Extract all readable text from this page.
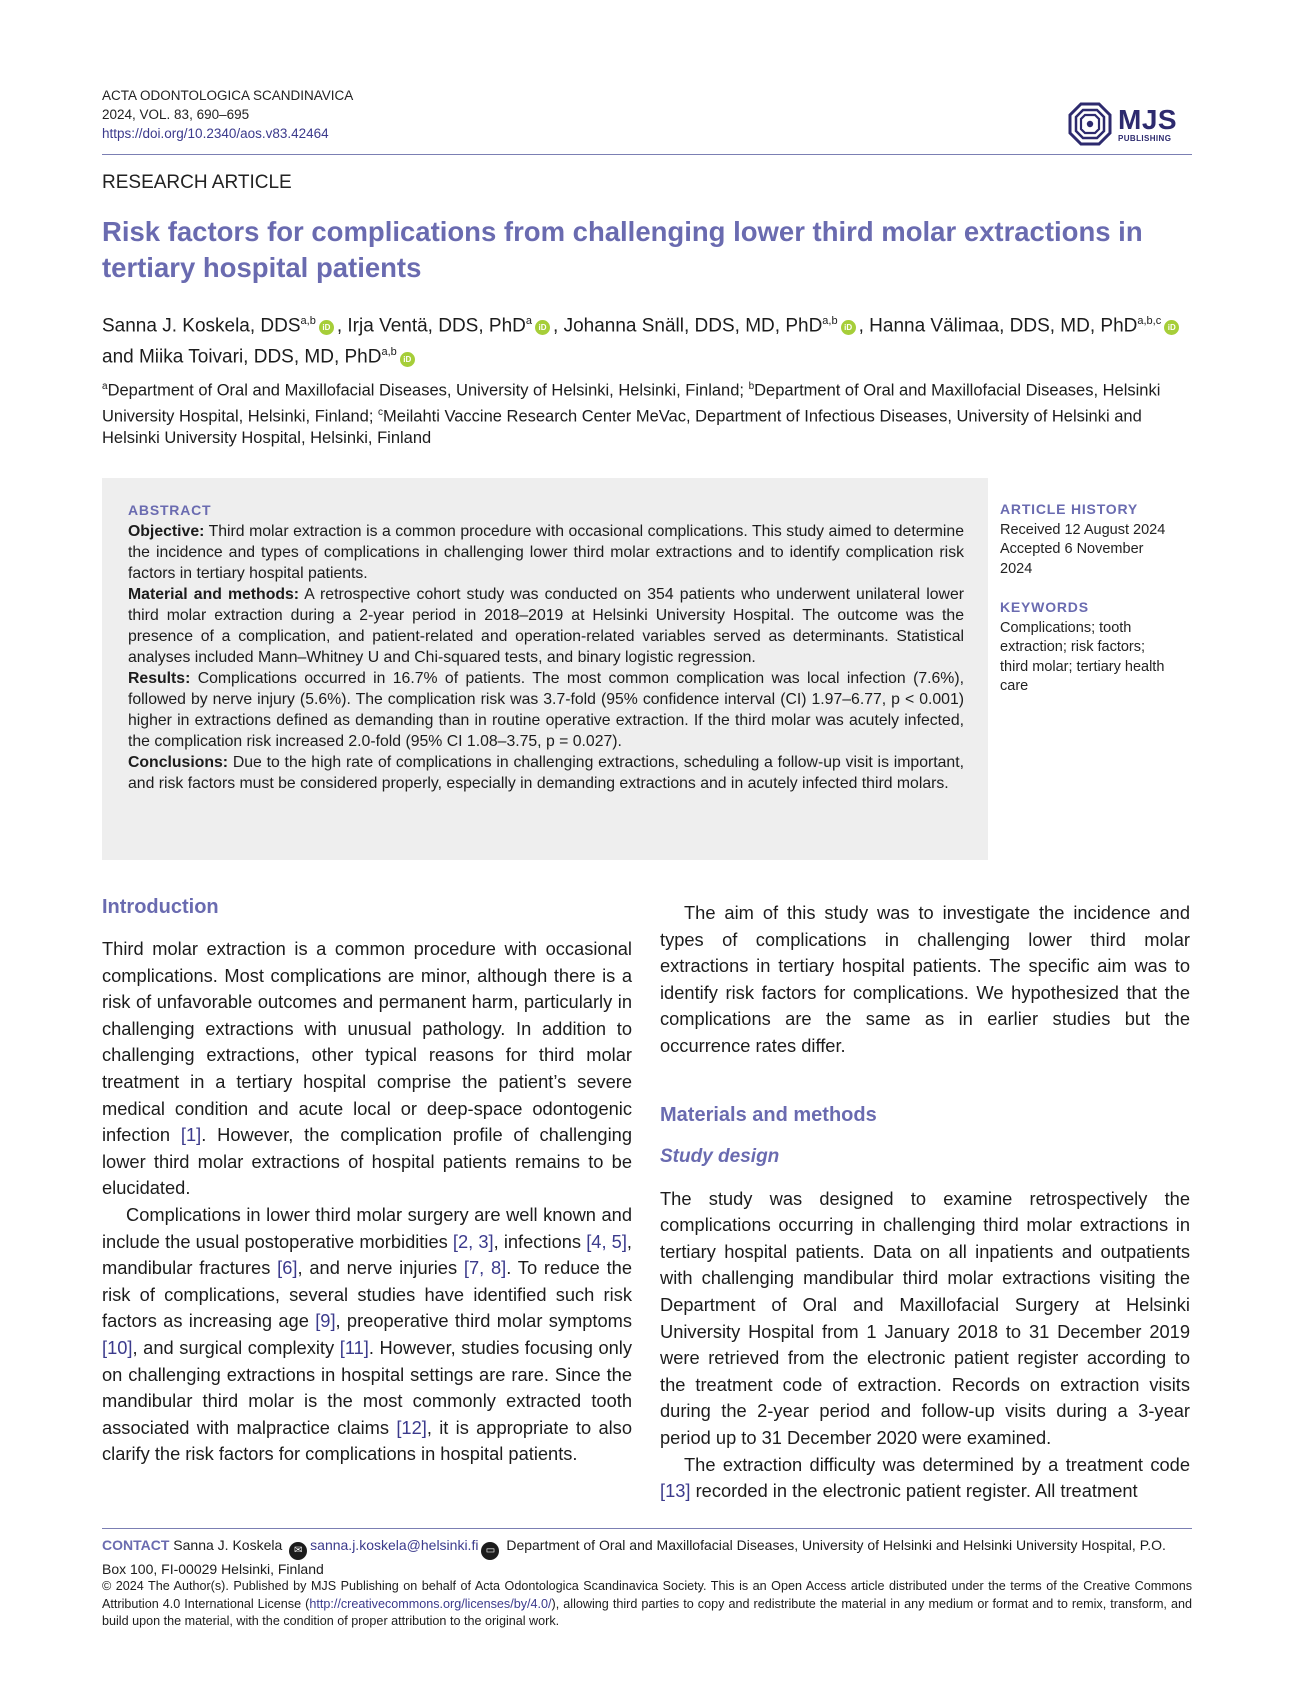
ACTA ODONTOLOGICA SCANDINAVICA
2024, VOL. 83, 690–695
https://doi.org/10.2340/aos.v83.42464	MJS
PUBLISHING
RESEARCH ARTICLE
Risk factors for complications from challenging lower third molar extractions in tertiary hospital patients
Sanna J. Koskela, DDS$^{a,b}$iD , Irja Ventä, DDS, PhD$^a$iD , Johanna Snäll, DDS, MD, PhD$^{a,b}$iD , Hanna Välimaa, DDS, MD, PhD$^{a,b,c}$iD and Miika Toivari, DDS, MD, PhD$^{a,b}$iD
$^a$Department of Oral and Maxillofacial Diseases, University of Helsinki, Helsinki, Finland; $^b$Department of Oral and Maxillofacial Diseases, Helsinki University Hospital, Helsinki, Finland; $^c$Meilahti Vaccine Research Center MeVac, Department of Infectious Diseases, University of Helsinki and Helsinki University Hospital, Helsinki, Finland
ABSTRACT

Objective: Third molar extraction is a common procedure with occasional complications. This study aimed to determine the incidence and types of complications in challenging lower third molar extractions and to identify complication risk factors in tertiary hospital patients.

Material and methods: A retrospective cohort study was conducted on 354 patients who underwent unilateral lower third molar extraction during a 2-year period in 2018–2019 at Helsinki University Hospital. The outcome was the presence of a complication, and patient-related and operation-related variables served as determinants. Statistical analyses included Mann–Whitney U and Chi-squared tests, and binary logistic regression.

Results: Complications occurred in 16.7% of patients. The most common complication was local infection (7.6%), followed by nerve injury (5.6%). The complication risk was 3.7-fold (95% confidence interval (CI) 1.97–6.77, p < 0.001) higher in extractions defined as demanding than in routine operative extraction. If the third molar was acutely infected, the complication risk increased 2.0-fold (95% CI 1.08–3.75, p = 0.027).

Conclusions: Due to the high rate of complications in challenging extractions, scheduling a follow-up visit is important, and risk factors must be considered properly, especially in demanding extractions and in acutely infected third molars.

ARTICLE HISTORY
Received 12 August 2024
Accepted 6 November 2024
KEYWORDS
Complications; tooth extraction; risk factors; third molar; tertiary health care
Introduction

Third molar extraction is a common procedure with occasional complications. Most complications are minor, although there is a risk of unfavorable outcomes and permanent harm, particularly in challenging extractions with unusual pathology. In addition to challenging extractions, other typical reasons for third molar treatment in a tertiary hospital comprise the patient’s severe medical condition and acute local or deep-space odontogenic infection [1]. However, the complication profile of challenging lower third molar extractions of hospital patients remains to be elucidated.

Complications in lower third molar surgery are well known and include the usual postoperative morbidities [2, 3], infections [4, 5], mandibular fractures [6], and nerve injuries [7, 8]. To reduce the risk of complications, several studies have identified such risk factors as increasing age [9], preoperative third molar symptoms [10], and surgical complexity [11]. However, studies focusing only on challenging extractions in hospital settings are rare. Since the mandibular third molar is the most commonly extracted tooth associated with malpractice claims [12], it is appropriate to also clarify the risk factors for complications in hospital patients.

The aim of this study was to investigate the incidence and types of complications in challenging lower third molar extractions in tertiary hospital patients. The specific aim was to identify risk factors for complications. We hypothesized that the complications are the same as in earlier studies but the occurrence rates differ.

Materials and methods
Study design

The study was designed to examine retrospectively the complications occurring in challenging third molar extractions in tertiary hospital patients. Data on all inpatients and outpatients with challenging mandibular third molar extractions visiting the Department of Oral and Maxillofacial Surgery at Helsinki University Hospital from 1 January 2018 to 31 December 2019 were retrieved from the electronic patient register according to the treatment code of extraction. Records on extraction visits during the 2-year period and follow-up visits during a 3-year period up to 31 December 2020 were examined.

The extraction difficulty was determined by a treatment code [13] recorded in the electronic patient register. All treatment

CONTACT Sanna J. Koskela ✉ sanna.j.koskela@helsinki.fi ▭ Department of Oral and Maxillofacial Diseases, University of Helsinki and Helsinki University Hospital, P.O. Box 100, FI-00029 Helsinki, Finland
© 2024 The Author(s). Published by MJS Publishing on behalf of Acta Odontologica Scandinavica Society. This is an Open Access article distributed under the terms of the Creative Commons Attribution 4.0 International License (http://creativecommons.org/licenses/by/4.0/), allowing third parties to copy and redistribute the material in any medium or format and to remix, transform, and build upon the material, with the condition of proper attribution to the original work.
